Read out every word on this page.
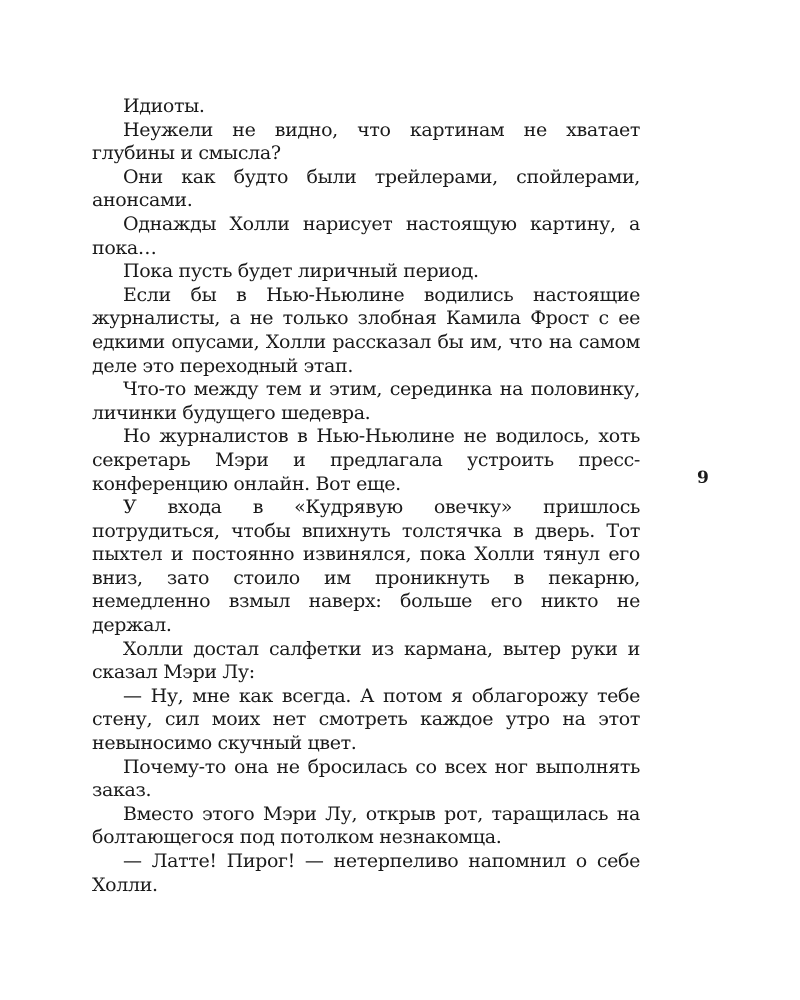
Идиоты.

Неужели не видно, что картинам не хватает глубины и смысла?

Они как будто были трейлерами, спойлерами, анонсами.

Однажды Холли нарисует настоящую картину, а пока…

Пока пусть будет лиричный период.

Если бы в Нью-Ньюлине водились настоящие журналисты, а не только злобная Камила Фрост с ее едкими опусами, Холли рассказал бы им, что на самом деле это переходный этап.

Что-то между тем и этим, серединка на половинку, личинки будущего шедевра.

Но журналистов в Нью-Ньюлине не водилось, хоть секретарь Мэри и предлагала устроить пресс-конференцию онлайн. Вот еще.

У входа в «Кудрявую овечку» пришлось потрудиться, чтобы впихнуть толстячка в дверь. Тот пыхтел и постоянно извинялся, пока Холли тянул его вниз, зато стоило им проникнуть в пекарню, немедленно взмыл наверх: больше его никто не держал.

Холли достал салфетки из кармана, вытер руки и сказал Мэри Лу:

— Ну, мне как всегда. А потом я облагорожу тебе стену, сил моих нет смотреть каждое утро на этот невыносимо скучный цвет.

Почему-то она не бросилась со всех ног выполнять заказ.

Вместо этого Мэри Лу, открыв рот, таращилась на болтающегося под потолком незнакомца.

— Латте! Пирог! — нетерпеливо напомнил о себе Холли.

9
